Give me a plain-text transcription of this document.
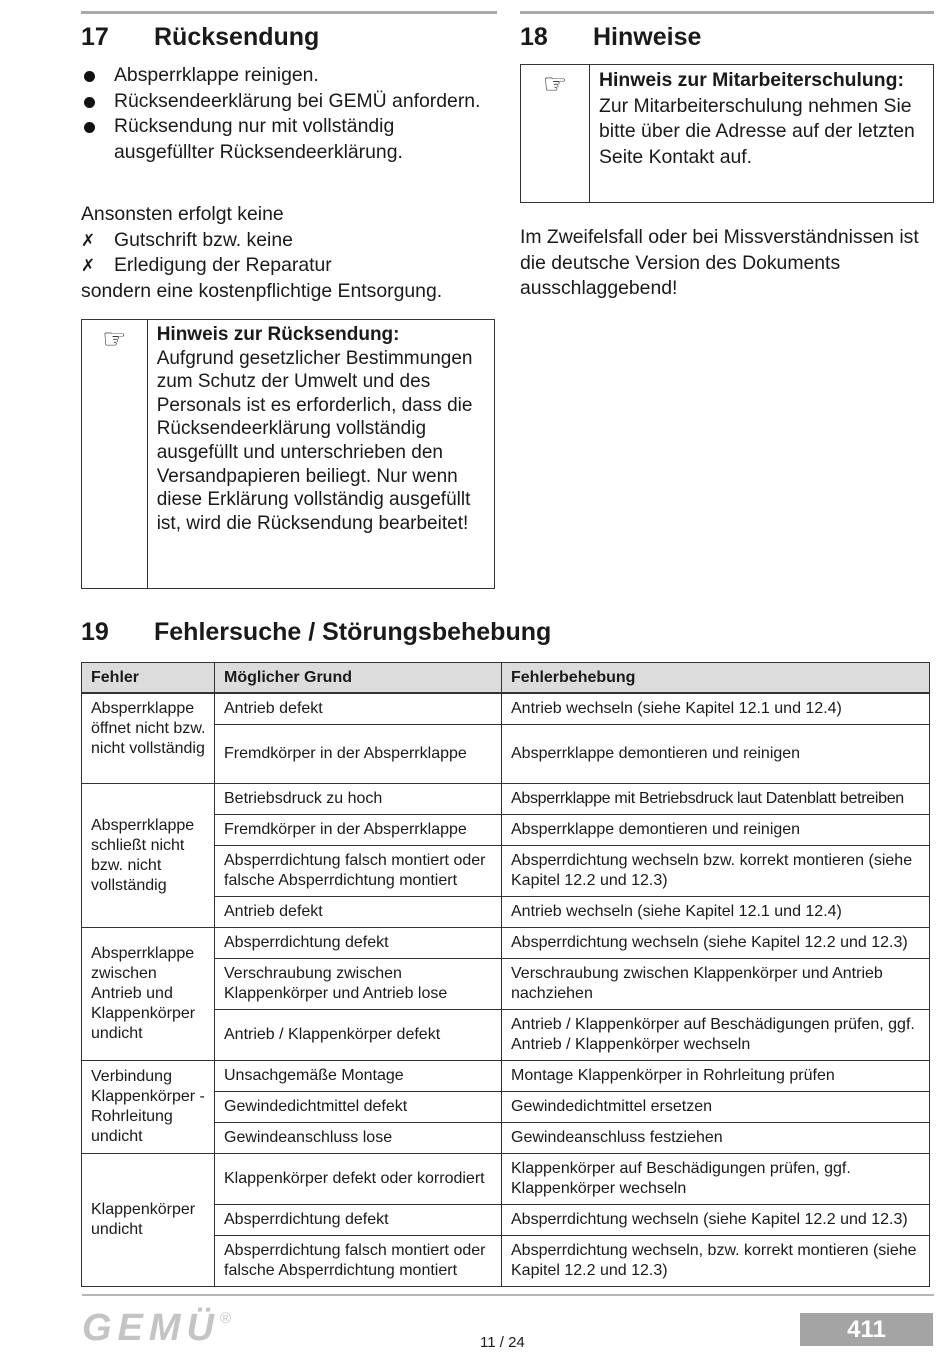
17 Rücksendung
Absperrklappe reinigen.
Rücksendeerklärung bei GEMÜ anfordern.
Rücksendung nur mit vollständig ausgefüllter Rücksendeerklärung.
Ansonsten erfolgt keine
✗ Gutschrift bzw. keine
✗ Erledigung der Reparatur
sondern eine kostenpflichtige Entsorgung.
☞ Hinweis zur Rücksendung:
Aufgrund gesetzlicher Bestimmungen zum Schutz der Umwelt und des Personals ist es erforderlich, dass die Rücksendeerklärung vollständig ausgefüllt und unterschrieben den Versandpapieren beiliegt. Nur wenn diese Erklärung vollständig ausgefüllt ist, wird die Rücksendung bearbeitet!
18 Hinweise
☞ Hinweis zur Mitarbeiterschulung:
Zur Mitarbeiterschulung nehmen Sie bitte über die Adresse auf der letzten Seite Kontakt auf.
Im Zweifelsfall oder bei Missverständnissen ist die deutsche Version des Dokuments ausschlaggebend!
19 Fehlersuche / Störungsbehebung
Fehler	Möglicher Grund	Fehlerbehebung
Absperrklappe öffnet nicht bzw. nicht vollständig	Antrieb defekt	Antrieb wechseln (siehe Kapitel 12.1 und 12.4)
	Fremdkörper in der Absperrklappe	Absperrklappe demontieren und reinigen
Absperrklappe schließt nicht bzw. nicht vollständig	Betriebsdruck zu hoch	Absperrklappe mit Betriebsdruck laut Datenblatt betreiben
	Fremdkörper in der Absperrklappe	Absperrklappe demontieren und reinigen
	Absperrdichtung falsch montiert oder falsche Absperrdichtung montiert	Absperrdichtung wechseln bzw. korrekt montieren (siehe Kapitel 12.2 und 12.3)
	Antrieb defekt	Antrieb wechseln (siehe Kapitel 12.1 und 12.4)
Absperrklappe zwischen Antrieb und Klappenkörper undicht	Absperrdichtung defekt	Absperrdichtung wechseln (siehe Kapitel 12.2 und 12.3)
	Verschraubung zwischen Klappenkörper und Antrieb lose	Verschraubung zwischen Klappenkörper und Antrieb nachziehen
	Antrieb / Klappenkörper defekt	Antrieb / Klappenkörper auf Beschädigungen prüfen, ggf. Antrieb / Klappenkörper wechseln
Verbindung Klappenkörper - Rohrleitung undicht	Unsachgemäße Montage	Montage Klappenkörper in Rohrleitung prüfen
	Gewindedichtmittel defekt	Gewindedichtmittel ersetzen
	Gewindeanschluss lose	Gewindeanschluss festziehen
Klappenkörper undicht	Klappenkörper defekt oder korrodiert	Klappenkörper auf Beschädigungen prüfen, ggf. Klappenkörper wechseln
	Absperrdichtung defekt	Absperrdichtung wechseln (siehe Kapitel 12.2 und 12.3)
	Absperrdichtung falsch montiert oder falsche Absperrdichtung montiert	Absperrdichtung wechseln, bzw. korrekt montieren (siehe Kapitel 12.2 und 12.3)
GEMÜ®
11 / 24	411
